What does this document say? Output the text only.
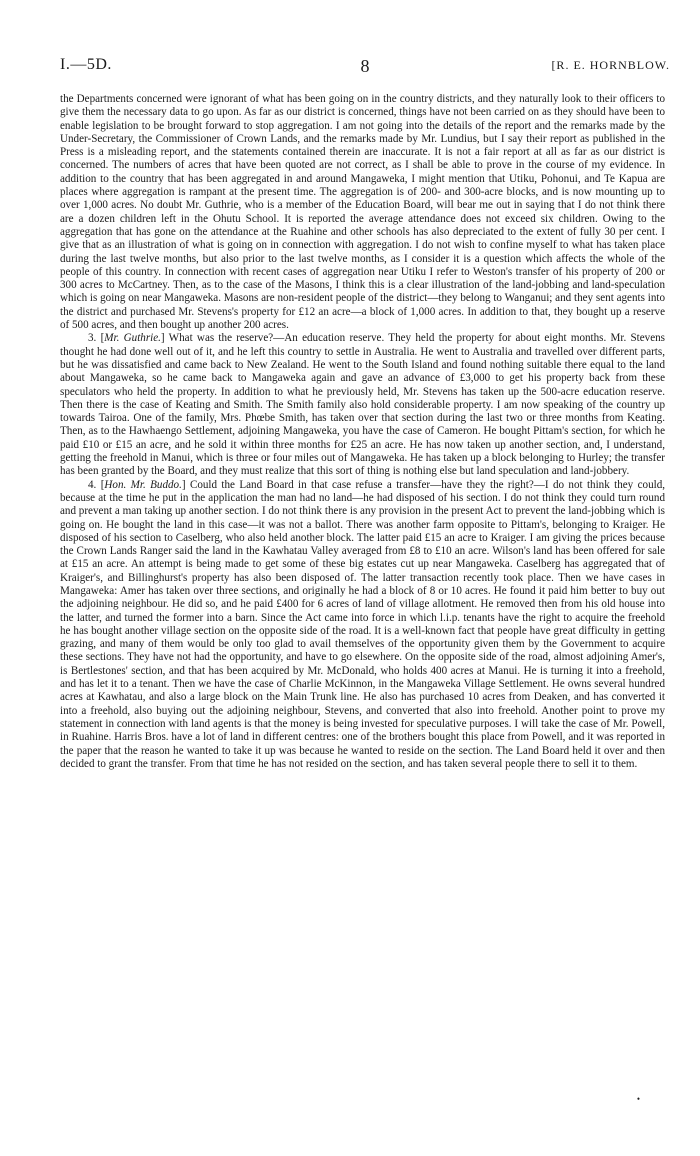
I.—5D.	8	[R. E. HORNBLOW.

the Departments concerned were ignorant of what has been going on in the country districts, and they naturally look to their officers to give them the necessary data to go upon. As far as our district is concerned, things have not been carried on as they should have been to enable legislation to be brought forward to stop aggregation. I am not going into the details of the report and the remarks made by the Under-Secretary, the Commissioner of Crown Lands, and the remarks made by Mr. Lundius, but I say their report as published in the Press is a misleading report, and the statements contained therein are inaccurate. It is not a fair report at all as far as our district is concerned. The numbers of acres that have been quoted are not correct, as I shall be able to prove in the course of my evidence. In addition to the country that has been aggregated in and around Mangaweka, I might mention that Utiku, Pohonui, and Te Kapua are places where aggregation is rampant at the present time. The aggregation is of 200- and 300-acre blocks, and is now mounting up to over 1,000 acres. No doubt Mr. Guthrie, who is a member of the Education Board, will bear me out in saying that I do not think there are a dozen children left in the Ohutu School. It is reported the average attendance does not exceed six children. Owing to the aggregation that has gone on the attendance at the Ruahine and other schools has also depreciated to the extent of fully 30 per cent. I give that as an illustration of what is going on in connection with aggregation. I do not wish to confine myself to what has taken place during the last twelve months, but also prior to the last twelve months, as I consider it is a question which affects the whole of the people of this country. In connection with recent cases of aggregation near Utiku I refer to Weston's transfer of his property of 200 or 300 acres to McCartney. Then, as to the case of the Masons, I think this is a clear illustration of the land-jobbing and land-speculation which is going on near Mangaweka. Masons are non-resident people of the district—they belong to Wanganui; and they sent agents into the district and purchased Mr. Stevens's property for £12 an acre—a block of 1,000 acres. In addition to that, they bought up a reserve of 500 acres, and then bought up another 200 acres.

3. [Mr. Guthrie.] What was the reserve?—An education reserve. They held the property for about eight months. Mr. Stevens thought he had done well out of it, and he left this country to settle in Australia. He went to Australia and travelled over different parts, but he was dissatisfied and came back to New Zealand. He went to the South Island and found nothing suitable there equal to the land about Mangaweka, so he came back to Mangaweka again and gave an advance of £3,000 to get his property back from these speculators who held the property. In addition to what he previously held, Mr. Stevens has taken up the 500-acre education reserve. Then there is the case of Keating and Smith. The Smith family also hold considerable property. I am now speaking of the country up towards Tairoa. One of the family, Mrs. Phœbe Smith, has taken over that section during the last two or three months from Keating. Then, as to the Hawhaengo Settlement, adjoining Mangaweka, you have the case of Cameron. He bought Pittam's section, for which he paid £10 or £15 an acre, and he sold it within three months for £25 an acre. He has now taken up another section, and, I understand, getting the freehold in Manui, which is three or four miles out of Mangaweka. He has taken up a block belonging to Hurley; the transfer has been granted by the Board, and they must realize that this sort of thing is nothing else but land speculation and land-jobbery.

4. [Hon. Mr. Buddo.] Could the Land Board in that case refuse a transfer—have they the right?—I do not think they could, because at the time he put in the application the man had no land—he had disposed of his section. I do not think they could turn round and prevent a man taking up another section. I do not think there is any provision in the present Act to prevent the land-jobbing which is going on. He bought the land in this case—it was not a ballot. There was another farm opposite to Pittam's, belonging to Kraiger. He disposed of his section to Caselberg, who also held another block. The latter paid £15 an acre to Kraiger. I am giving the prices because the Crown Lands Ranger said the land in the Kawhatau Valley averaged from £8 to £10 an acre. Wilson's land has been offered for sale at £15 an acre. An attempt is being made to get some of these big estates cut up near Mangaweka. Caselberg has aggregated that of Kraiger's, and Billinghurst's property has also been disposed of. The latter transaction recently took place. Then we have cases in Mangaweka: Amer has taken over three sections, and originally he had a block of 8 or 10 acres. He found it paid him better to buy out the adjoining neighbour. He did so, and he paid £400 for 6 acres of land of village allotment. He removed then from his old house into the latter, and turned the former into a barn. Since the Act came into force in which l.i.p. tenants have the right to acquire the freehold he has bought another village section on the opposite side of the road. It is a well-known fact that people have great difficulty in getting grazing, and many of them would be only too glad to avail themselves of the opportunity given them by the Government to acquire these sections. They have not had the opportunity, and have to go elsewhere. On the opposite side of the road, almost adjoining Amer's, is Bertlestones' section, and that has been acquired by Mr. McDonald, who holds 400 acres at Manui. He is turning it into a freehold, and has let it to a tenant. Then we have the case of Charlie McKinnon, in the Mangaweka Village Settlement. He owns several hundred acres at Kawhatau, and also a large block on the Main Trunk line. He also has purchased 10 acres from Deaken, and has converted it into a freehold, also buying out the adjoining neighbour, Stevens, and converted that also into freehold. Another point to prove my statement in connection with land agents is that the money is being invested for speculative purposes. I will take the case of Mr. Powell, in Ruahine. Harris Bros. have a lot of land in different centres: one of the brothers bought this place from Powell, and it was reported in the paper that the reason he wanted to take it up was because he wanted to reside on the section. The Land Board held it over and then decided to grant the transfer. From that time he has not resided on the section, and has taken several people there to sell it to them.

•
